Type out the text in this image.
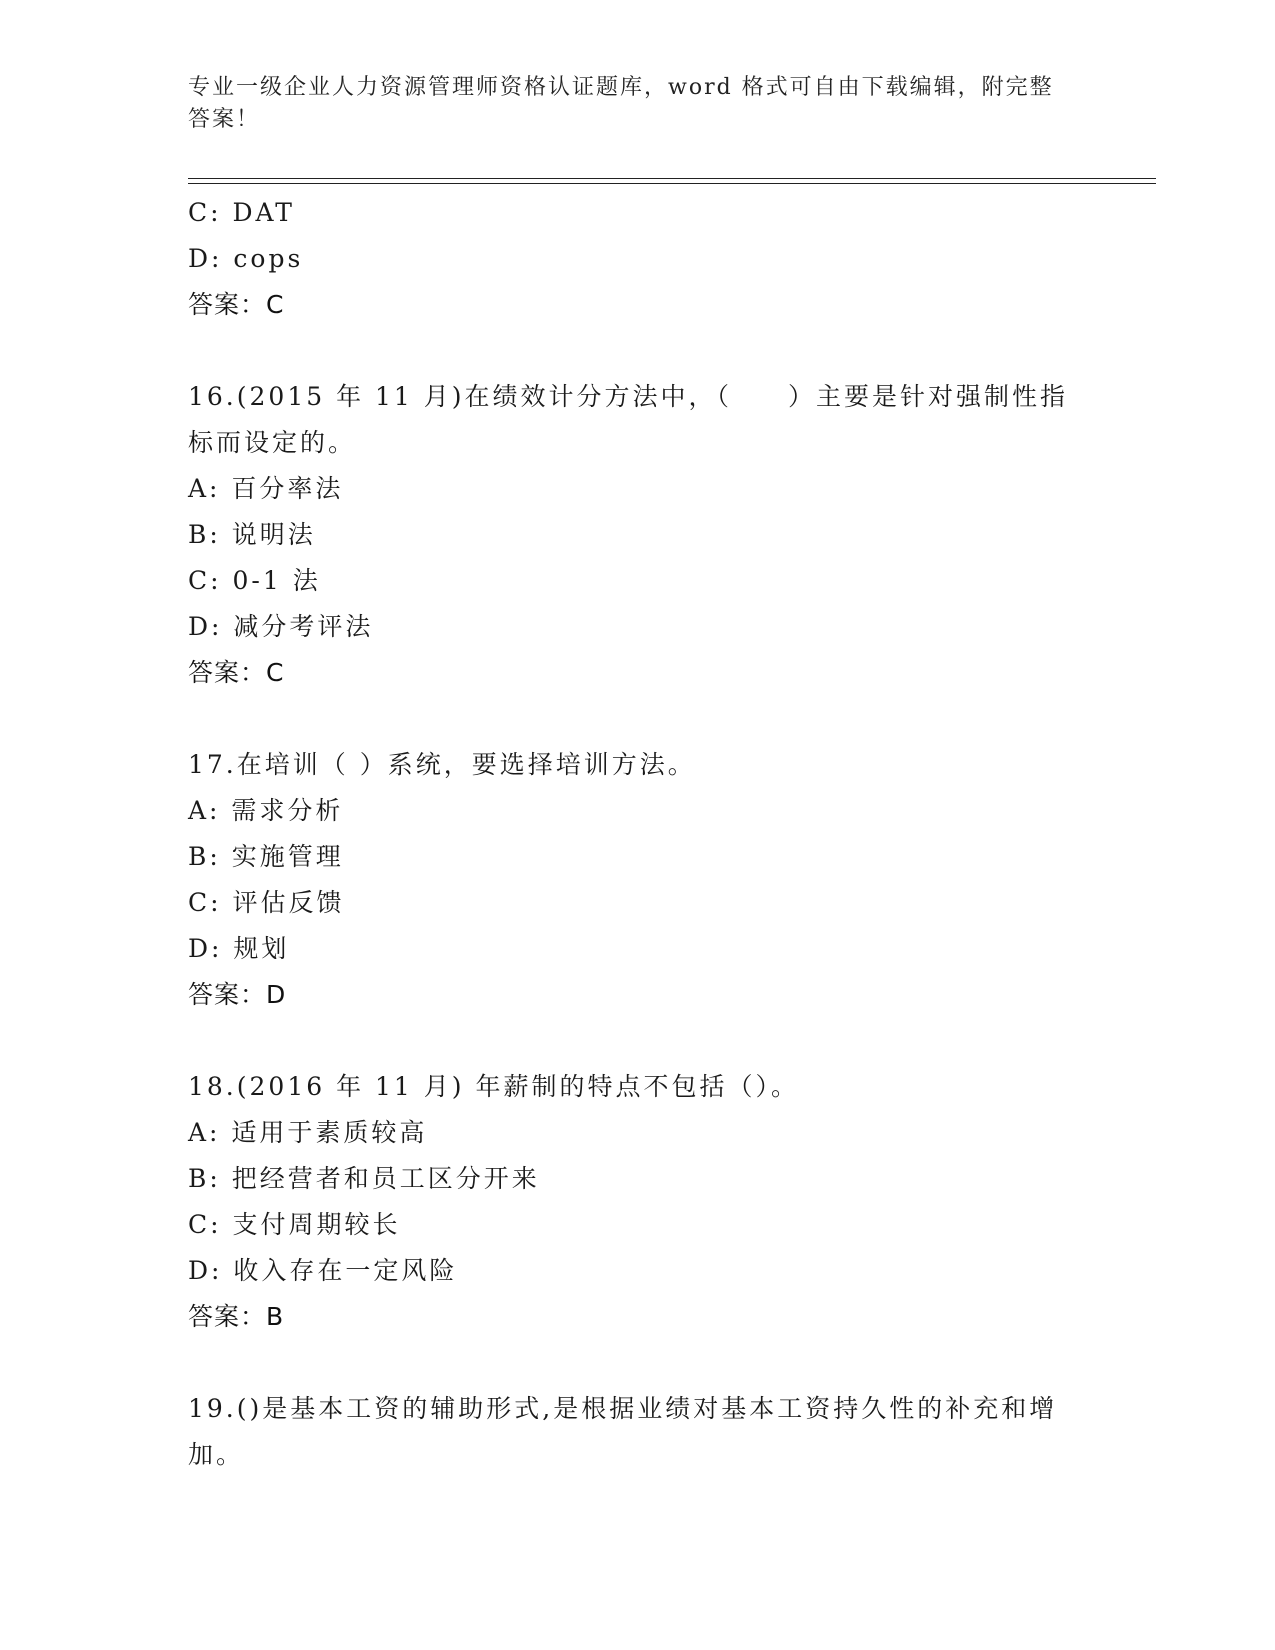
专业一级企业人力资源管理师资格认证题库，word 格式可自由下载编辑，附完整答案！
C: DAT
D: cops
答案：C
16.(2015 年 11 月)在绩效计分方法中，（　　）主要是针对强制性指标而设定的。
A: 百分率法
B: 说明法
C: 0-1 法
D: 减分考评法
答案：C
17.在培训（ ）系统，要选择培训方法。
A: 需求分析
B: 实施管理
C: 评估反馈
D: 规划
答案：D
18.(2016 年 11 月) 年薪制的特点不包括（）。
A: 适用于素质较高
B: 把经营者和员工区分开来
C: 支付周期较长
D: 收入存在一定风险
答案：B
19.()是基本工资的辅助形式,是根据业绩对基本工资持久性的补充和增加。
